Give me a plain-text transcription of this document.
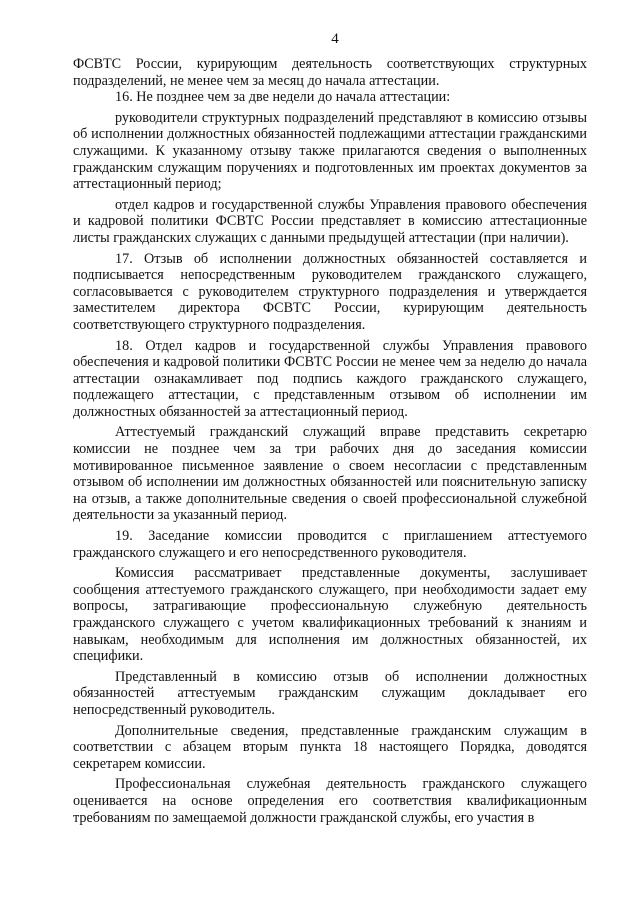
4

ФСВТС России, курирующим деятельность соответствующих структурных подразделений, не менее чем за месяц до начала аттестации.

16. Не позднее чем за две недели до начала аттестации:

руководители структурных подразделений представляют в комиссию отзывы об исполнении должностных обязанностей подлежащими аттестации гражданскими служащими. К указанному отзыву также прилагаются сведения о выполненных гражданским служащим поручениях и подготовленных им проектах документов за аттестационный период;

отдел кадров и государственной службы Управления правового обеспечения и кадровой политики ФСВТС России представляет в комиссию аттестационные листы гражданских служащих с данными предыдущей аттестации (при наличии).

17. Отзыв об исполнении должностных обязанностей составляется и подписывается непосредственным руководителем гражданского служащего, согласовывается с руководителем структурного подразделения и утверждается заместителем директора ФСВТС России, курирующим деятельность соответствующего структурного подразделения.

18. Отдел кадров и государственной службы Управления правового обеспечения и кадровой политики ФСВТС России не менее чем за неделю до начала аттестации ознакамливает под подпись каждого гражданского служащего, подлежащего аттестации, с представленным отзывом об исполнении им должностных обязанностей за аттестационный период.

Аттестуемый гражданский служащий вправе представить секретарю комиссии не позднее чем за три рабочих дня до заседания комиссии мотивированное письменное заявление о своем несогласии с представленным отзывом об исполнении им должностных обязанностей или пояснительную записку на отзыв, а также дополнительные сведения о своей профессиональной служебной деятельности за указанный период.

19. Заседание комиссии проводится с приглашением аттестуемого гражданского служащего и его непосредственного руководителя.

Комиссия рассматривает представленные документы, заслушивает сообщения аттестуемого гражданского служащего, при необходимости задает ему вопросы, затрагивающие профессиональную служебную деятельность гражданского служащего с учетом квалификационных требований к знаниям и навыкам, необходимым для исполнения им должностных обязанностей, их специфики.

Представленный в комиссию отзыв об исполнении должностных обязанностей аттестуемым гражданским служащим докладывает его непосредственный руководитель.

Дополнительные сведения, представленные гражданским служащим в соответствии с абзацем вторым пункта 18 настоящего Порядка, доводятся секретарем комиссии.

Профессиональная служебная деятельность гражданского служащего оценивается на основе определения его соответствия квалификационным требованиям по замещаемой должности гражданской службы, его участия в
